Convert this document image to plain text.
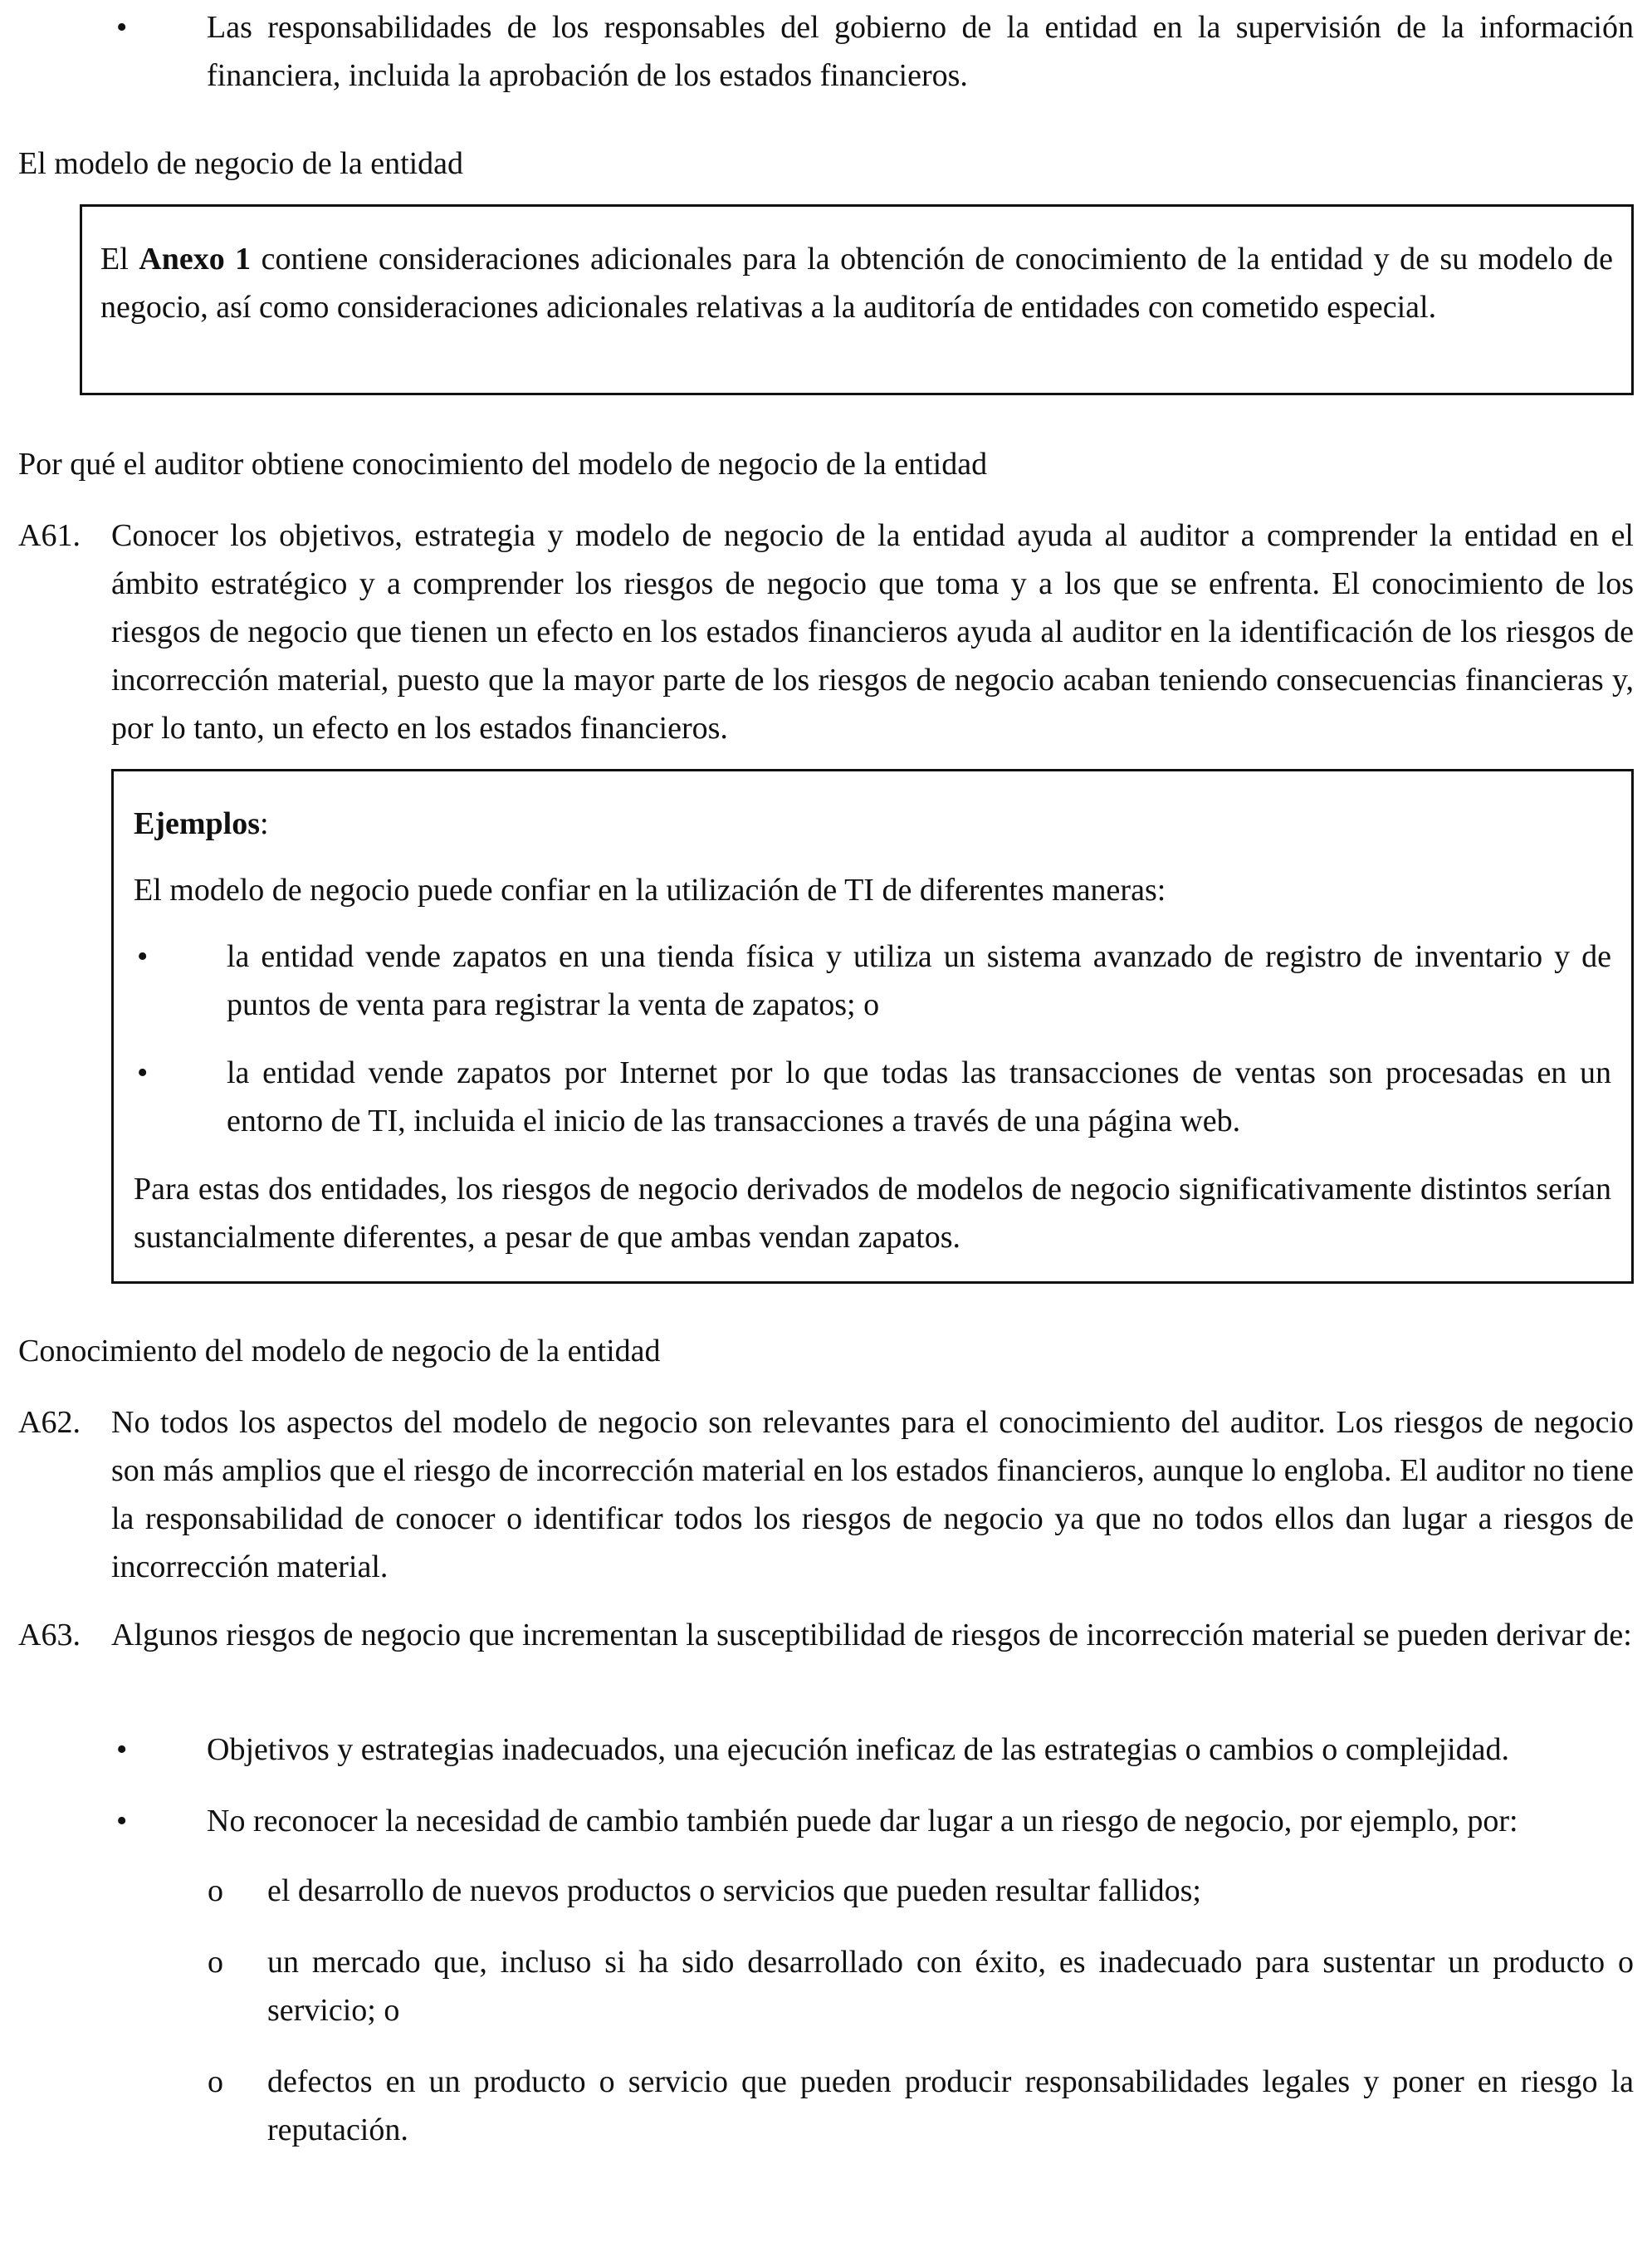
•	Las responsabilidades de los responsables del gobierno de la entidad en la supervisión de la información financiera, incluida la aprobación de los estados financieros.

El modelo de negocio de la entidad

El Anexo 1 contiene consideraciones adicionales para la obtención de conocimiento de la entidad y de su modelo de negocio, así como consideraciones adicionales relativas a la auditoría de entidades con cometido especial.

Por qué el auditor obtiene conocimiento del modelo de negocio de la entidad

A61. Conocer los objetivos, estrategia y modelo de negocio de la entidad ayuda al auditor a comprender la entidad en el ámbito estratégico y a comprender los riesgos de negocio que toma y a los que se enfrenta. El conocimiento de los riesgos de negocio que tienen un efecto en los estados financieros ayuda al auditor en la identificación de los riesgos de incorrección material, puesto que la mayor parte de los riesgos de negocio acaban teniendo consecuencias financieras y, por lo tanto, un efecto en los estados financieros.

Ejemplos:

El modelo de negocio puede confiar en la utilización de TI de diferentes maneras:

• la entidad vende zapatos en una tienda física y utiliza un sistema avanzado de registro de inventario y de puntos de venta para registrar la venta de zapatos; o

• la entidad vende zapatos por Internet por lo que todas las transacciones de ventas son procesadas en un entorno de TI, incluida el inicio de las transacciones a través de una página web.

Para estas dos entidades, los riesgos de negocio derivados de modelos de negocio significativamente distintos serían sustancialmente diferentes, a pesar de que ambas vendan zapatos.

Conocimiento del modelo de negocio de la entidad

A62. No todos los aspectos del modelo de negocio son relevantes para el conocimiento del auditor. Los riesgos de negocio son más amplios que el riesgo de incorrección material en los estados financieros, aunque lo engloba. El auditor no tiene la responsabilidad de conocer o identificar todos los riesgos de negocio ya que no todos ellos dan lugar a riesgos de incorrección material.

A63. Algunos riesgos de negocio que incrementan la susceptibilidad de riesgos de incorrección material se pueden derivar de:

•	Objetivos y estrategias inadecuados, una ejecución ineficaz de las estrategias o cambios o complejidad.

•	No reconocer la necesidad de cambio también puede dar lugar a un riesgo de negocio, por ejemplo, por:

o el desarrollo de nuevos productos o servicios que pueden resultar fallidos;

o un mercado que, incluso si ha sido desarrollado con éxito, es inadecuado para sustentar un producto o servicio; o

o defectos en un producto o servicio que pueden producir responsabilidades legales y poner en riesgo la reputación.
